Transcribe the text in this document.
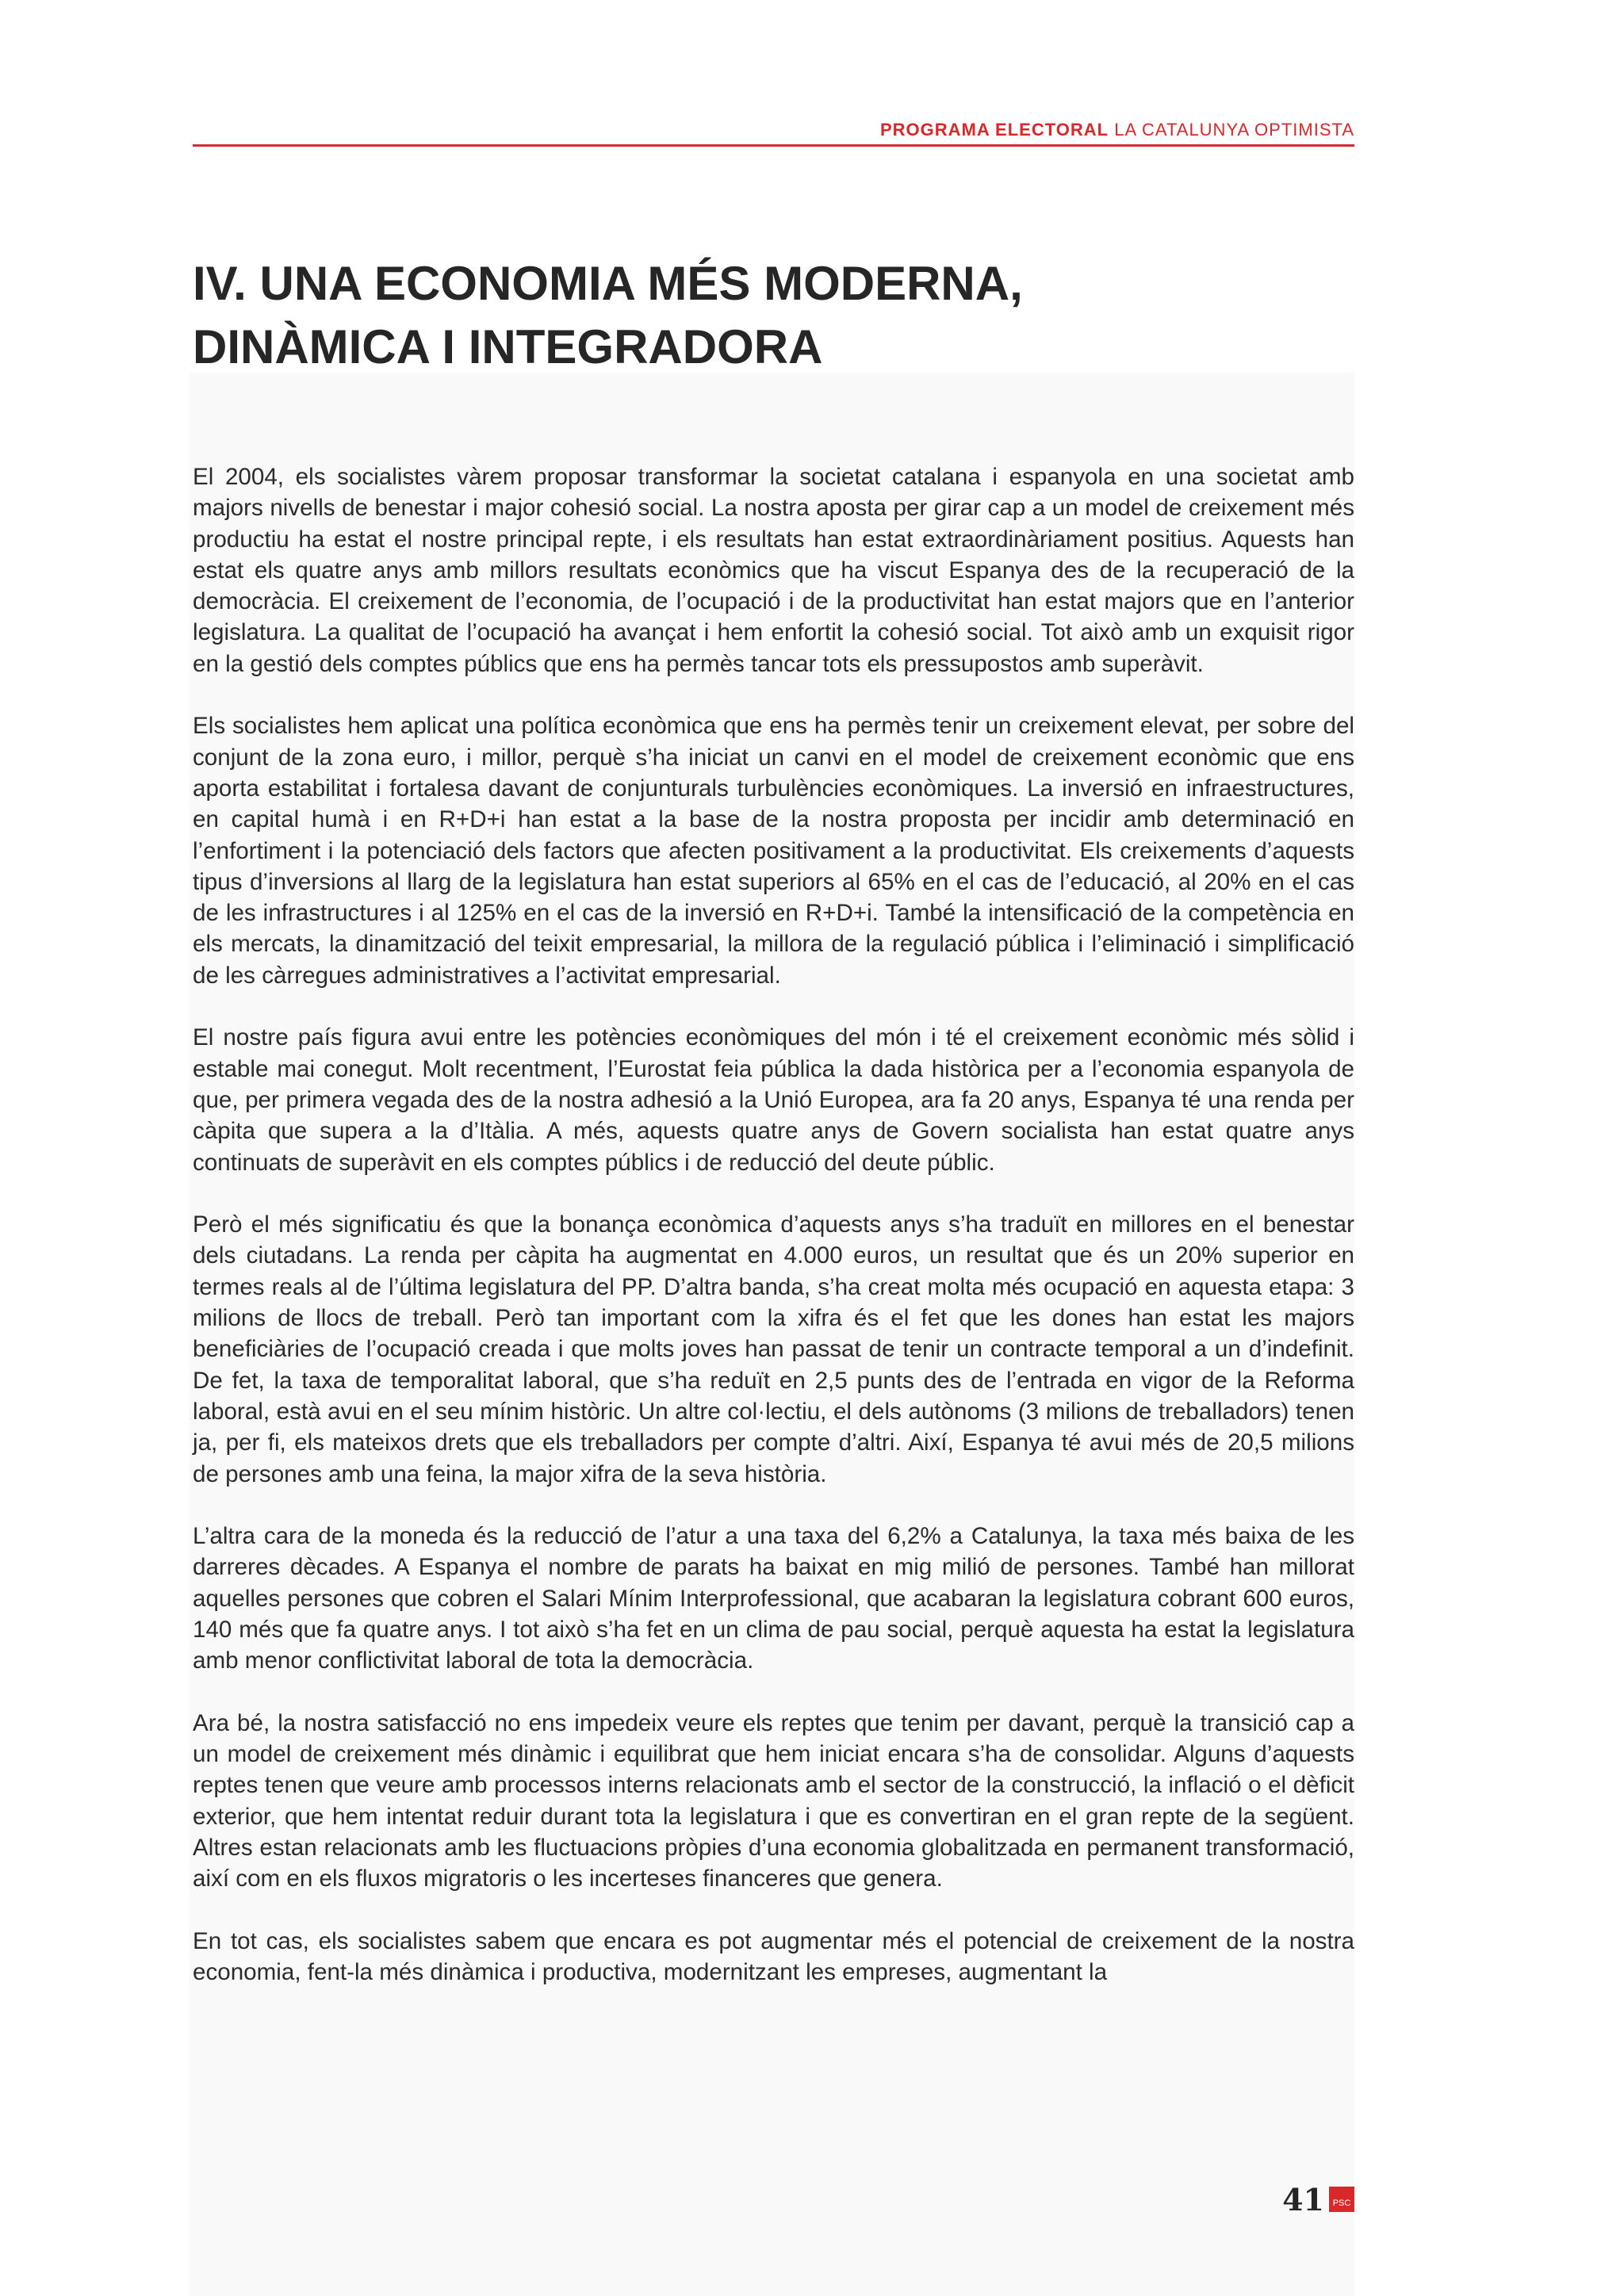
PROGRAMA ELECTORAL LA CATALUNYA OPTIMISTA
IV. UNA ECONOMIA MÉS MODERNA,
DINÀMICA I INTEGRADORA

El 2004, els socialistes vàrem proposar transformar la societat catalana i espanyola en una societat amb majors nivells de benestar i major cohesió social. La nostra aposta per girar cap a un model de creixement més productiu ha estat el nostre principal repte, i els resultats han estat extraordinàriament positius. Aquests han estat els quatre anys amb millors resultats econòmics que ha viscut Espanya des de la recuperació de la democràcia. El creixement de l’economia, de l’ocupació i de la productivitat han estat majors que en l’anterior legislatura. La qualitat de l’ocupació ha avançat i hem enfortit la cohesió social. Tot això amb un exquisit rigor en la gestió dels comptes públics que ens ha permès tancar tots els pressupostos amb superàvit.

Els socialistes hem aplicat una política econòmica que ens ha permès tenir un creixement elevat, per sobre del conjunt de la zona euro, i millor, perquè s’ha iniciat un canvi en el model de creixement econòmic que ens aporta estabilitat i fortalesa davant de conjunturals turbulències econòmiques. La inversió en infraestructures, en capital humà i en R+D+i han estat a la base de la nostra proposta per incidir amb determinació en l’enfortiment i la potenciació dels factors que afecten positivament a la productivitat. Els creixements d’aquests tipus d’inversions al llarg de la legislatura han estat superiors al 65% en el cas de l’educació, al 20% en el cas de les infrastructures i al 125% en el cas de la inversió en R+D+i. També la intensificació de la competència en els mercats, la dinamització del teixit empresarial, la millora de la regulació pública i l’eliminació i simplificació de les càrregues administratives a l’activitat empresarial.

El nostre país figura avui entre les potències econòmiques del món i té el creixement econòmic més sòlid i estable mai conegut. Molt recentment, l’Eurostat feia pública la dada històrica per a l’economia espanyola de que, per primera vegada des de la nostra adhesió a la Unió Europea, ara fa 20 anys, Espanya té una renda per càpita que supera a la d’Itàlia. A més, aquests quatre anys de Govern socialista han estat quatre anys continuats de superàvit en els comptes públics i de reducció del deute públic.

Però el més significatiu és que la bonança econòmica d’aquests anys s’ha traduït en millores en el benestar dels ciutadans. La renda per càpita ha augmentat en 4.000 euros, un resultat que és un 20% superior en termes reals al de l’última legislatura del PP. D’altra banda, s’ha creat molta més ocupació en aquesta etapa: 3 milions de llocs de treball. Però tan important com la xifra és el fet que les dones han estat les majors beneficiàries de l’ocupació creada i que molts joves han passat de tenir un contracte temporal a un d’indefinit. De fet, la taxa de temporalitat laboral, que s’ha reduït en 2,5 punts des de l’entrada en vigor de la Reforma laboral, està avui en el seu mínim històric. Un altre col·lectiu, el dels autònoms (3 milions de treballadors) tenen ja, per fi, els mateixos drets que els treballadors per compte d’altri. Així, Espanya té avui més de 20,5 milions de persones amb una feina, la major xifra de la seva història.

L’altra cara de la moneda és la reducció de l’atur a una taxa del 6,2% a Catalunya, la taxa més baixa de les darreres dècades. A Espanya el nombre de parats ha baixat en mig milió de persones. També han millorat aquelles persones que cobren el Salari Mínim Interprofessional, que acabaran la legislatura cobrant 600 euros, 140 més que fa quatre anys. I tot això s’ha fet en un clima de pau social, perquè aquesta ha estat la legislatura amb menor conflictivitat laboral de tota la democràcia.

Ara bé, la nostra satisfacció no ens impedeix veure els reptes que tenim per davant, perquè la transició cap a un model de creixement més dinàmic i equilibrat que hem iniciat encara s’ha de consolidar. Alguns d’aquests reptes tenen que veure amb processos interns relacionats amb el sector de la construcció, la inflació o el dèficit exterior, que hem intentat reduir durant tota la legislatura i que es convertiran en el gran repte de la següent. Altres estan relacionats amb les fluctuacions pròpies d’una economia globalitzada en permanent transformació, així com en els fluxos migratoris o les incerteses financeres que genera.

En tot cas, els socialistes sabem que encara es pot augmentar més el potencial de creixement de la nostra economia, fent-la més dinàmica i productiva, modernitzant les empreses, augmentant la

41 PSC
